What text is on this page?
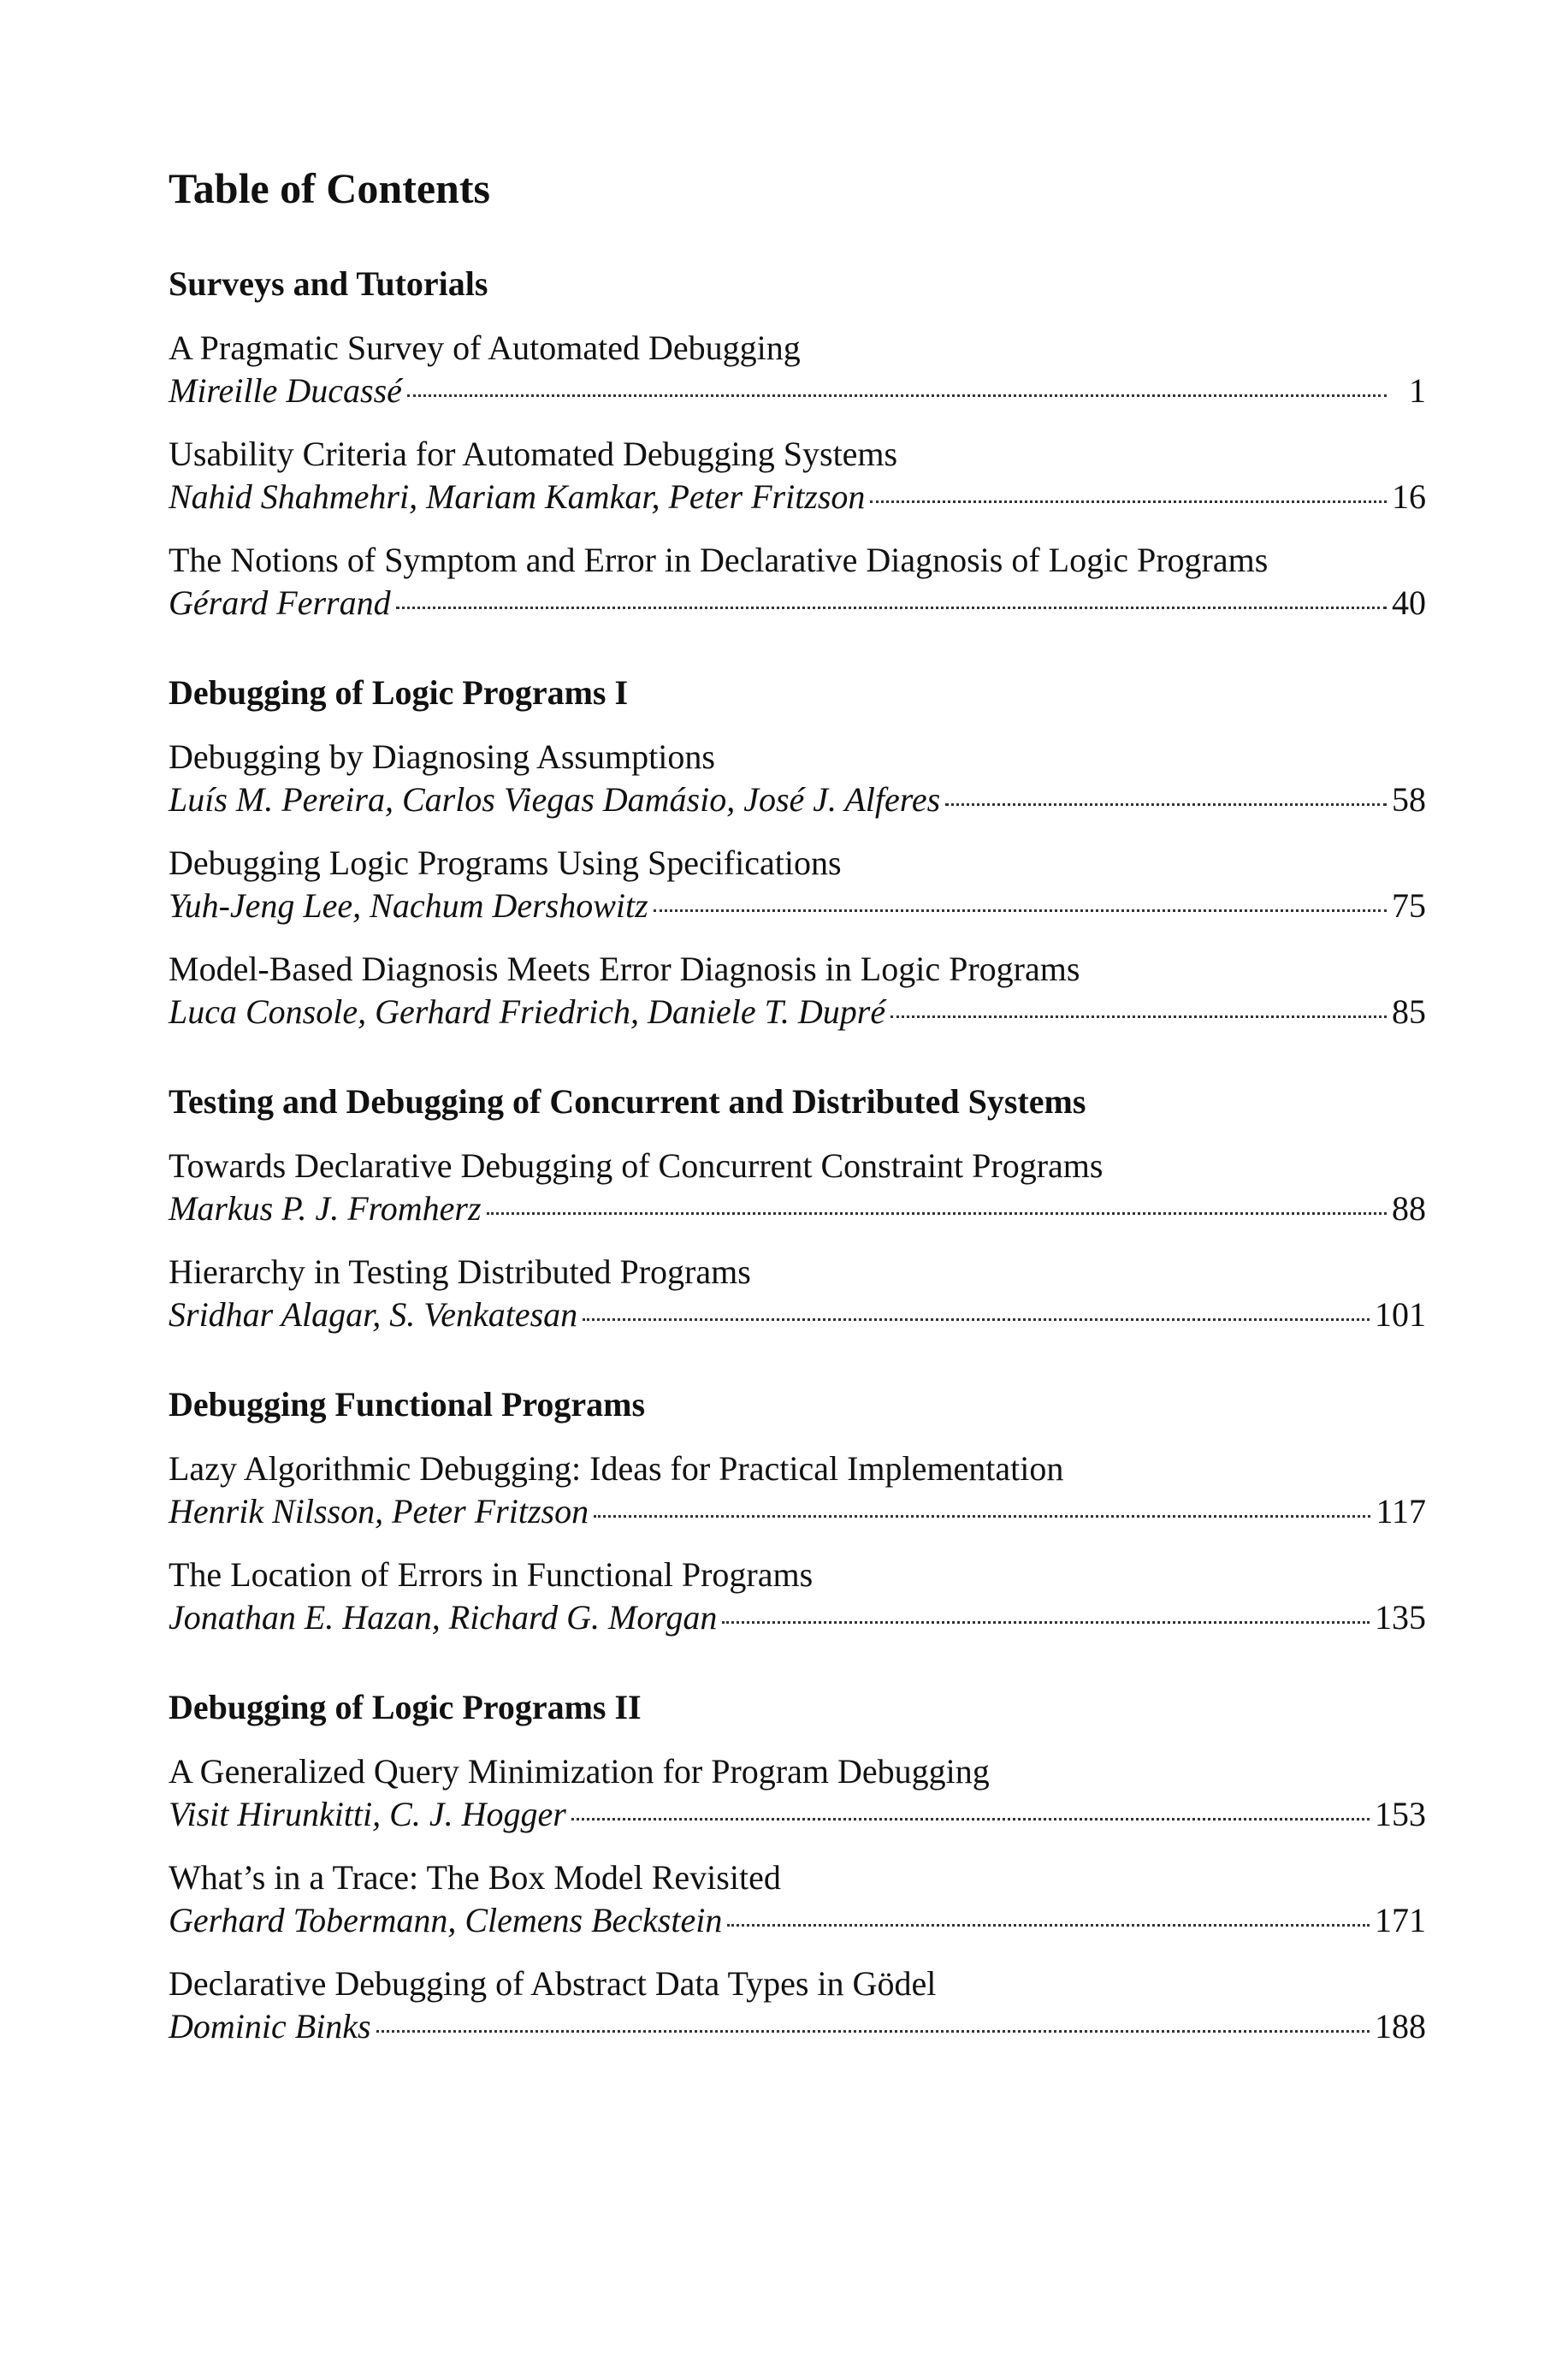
Table of Contents
Surveys and Tutorials
A Pragmatic Survey of Automated Debugging
Mireille Ducassé	1
Usability Criteria for Automated Debugging Systems
Nahid Shahmehri, Mariam Kamkar, Peter Fritzson	16
The Notions of Symptom and Error in Declarative Diagnosis of Logic Programs
Gérard Ferrand	40
Debugging of Logic Programs I
Debugging by Diagnosing Assumptions
Luís M. Pereira, Carlos Viegas Damásio, José J. Alferes	58
Debugging Logic Programs Using Specifications
Yuh-Jeng Lee, Nachum Dershowitz	75
Model-Based Diagnosis Meets Error Diagnosis in Logic Programs
Luca Console, Gerhard Friedrich, Daniele T. Dupré	85
Testing and Debugging of Concurrent and Distributed Systems
Towards Declarative Debugging of Concurrent Constraint Programs
Markus P. J. Fromherz	88
Hierarchy in Testing Distributed Programs
Sridhar Alagar, S. Venkatesan	101
Debugging Functional Programs
Lazy Algorithmic Debugging: Ideas for Practical Implementation
Henrik Nilsson, Peter Fritzson	117
The Location of Errors in Functional Programs
Jonathan E. Hazan, Richard G. Morgan	135
Debugging of Logic Programs II
A Generalized Query Minimization for Program Debugging
Visit Hirunkitti, C. J. Hogger	153
What’s in a Trace: The Box Model Revisited
Gerhard Tobermann, Clemens Beckstein	171
Declarative Debugging of Abstract Data Types in Gödel
Dominic Binks	188
